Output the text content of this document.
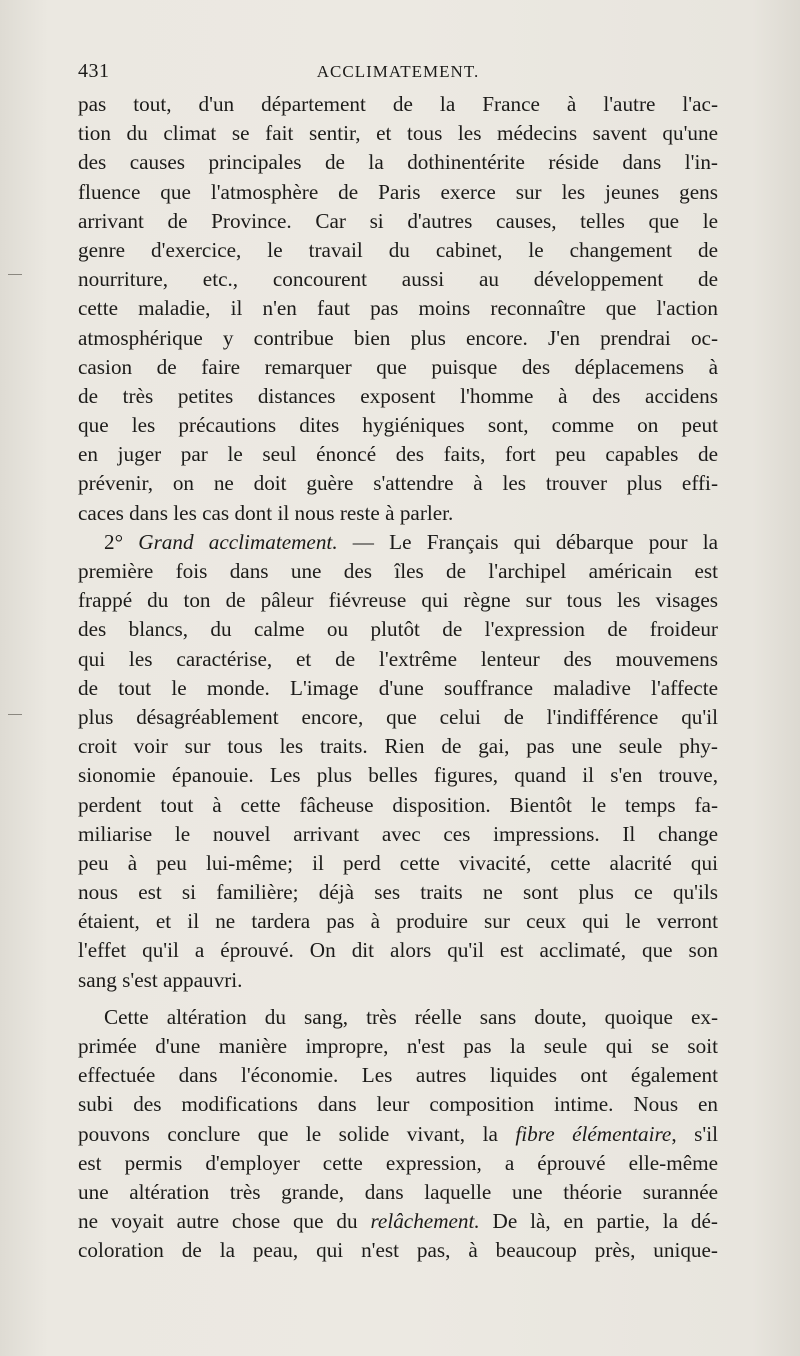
431	ACCLIMATEMENT.
pas tout, d'un département de la France à l'autre l'ac-
tion du climat se fait sentir, et tous les médecins savent qu'une
des causes principales de la dothinentérite réside dans l'in-
fluence que l'atmosphère de Paris exerce sur les jeunes gens
arrivant de Province. Car si d'autres causes, telles que le
genre d'exercice, le travail du cabinet, le changement de
nourriture, etc., concourent aussi au développement de
cette maladie, il n'en faut pas moins reconnaître que l'action
atmosphérique y contribue bien plus encore. J'en prendrai oc-
casion de faire remarquer que puisque des déplacemens à
de très petites distances exposent l'homme à des accidens
que les précautions dites hygiéniques sont, comme on peut
en juger par le seul énoncé des faits, fort peu capables de
prévenir, on ne doit guère s'attendre à les trouver plus effi-
caces dans les cas dont il nous reste à parler.
2° Grand acclimatement. — Le Français qui débarque pour la
première fois dans une des îles de l'archipel américain est
frappé du ton de pâleur fiévreuse qui règne sur tous les visages
des blancs, du calme ou plutôt de l'expression de froideur
qui les caractérise, et de l'extrême lenteur des mouvemens
de tout le monde. L'image d'une souffrance maladive l'affecte
plus désagréablement encore, que celui de l'indifférence qu'il
croit voir sur tous les traits. Rien de gai, pas une seule phy-
sionomie épanouie. Les plus belles figures, quand il s'en trouve,
perdent tout à cette fâcheuse disposition. Bientôt le temps fa-
miliarise le nouvel arrivant avec ces impressions. Il change
peu à peu lui-même; il perd cette vivacité, cette alacrité qui
nous est si familière; déjà ses traits ne sont plus ce qu'ils
étaient, et il ne tardera pas à produire sur ceux qui le verront
l'effet qu'il a éprouvé. On dit alors qu'il est acclimaté, que son
sang s'est appauvri.
Cette altération du sang, très réelle sans doute, quoique ex-
primée d'une manière impropre, n'est pas la seule qui se soit
effectuée dans l'économie. Les autres liquides ont également
subi des modifications dans leur composition intime. Nous en
pouvons conclure que le solide vivant, la fibre élémentaire, s'il
est permis d'employer cette expression, a éprouvé elle-même
une altération très grande, dans laquelle une théorie surannée
ne voyait autre chose que du relâchement. De là, en partie, la dé-
coloration de la peau, qui n'est pas, à beaucoup près, unique-
